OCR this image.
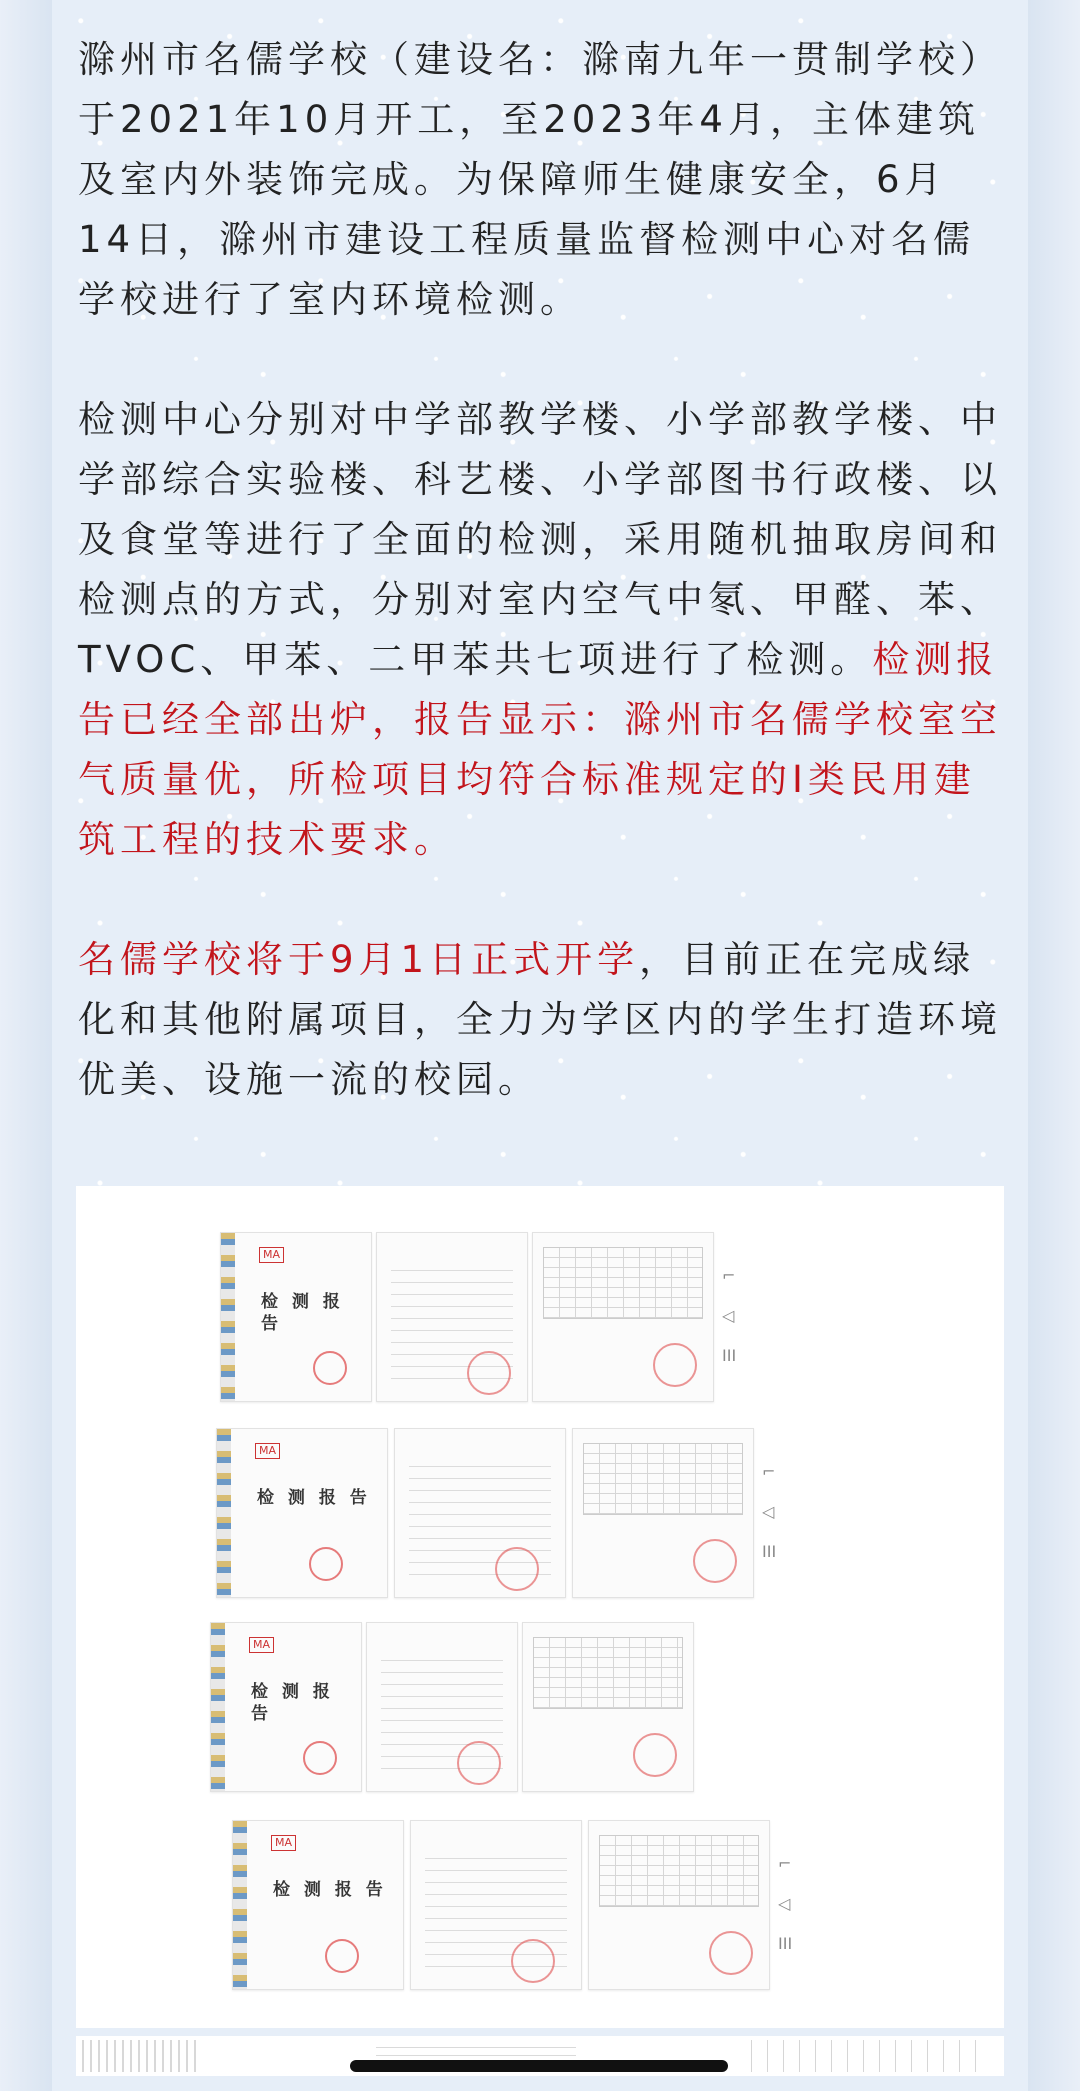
滁州市名儒学校（建设名：滁南九年一贯制学校）于2021年10月开工，至2023年4月，主体建筑及室内外装饰完成。为保障师生健康安全，6月14日，滁州市建设工程质量监督检测中心对名儒学校进行了室内环境检测。

检测中心分别对中学部教学楼、小学部教学楼、中学部综合实验楼、科艺楼、小学部图书行政楼、以及食堂等进行了全面的检测，采用随机抽取房间和检测点的方式，分别对室内空气中氡、甲醛、苯、TVOC、甲苯、二甲苯共七项进行了检测。检测报告已经全部出炉，报告显示：滁州市名儒学校室空气质量优，所检项目均符合标准规定的I类民用建筑工程的技术要求。

名儒学校将于9月1日正式开学，目前正在完成绿化和其他附属项目，全力为学区内的学生打造环境优美、设施一流的校园。

MA
检 测 报 告
⌐
◁
III
MA
检 测 报 告
⌐
◁
III
MA
检 测 报 告
MA
检 测 报 告
⌐
◁
III
